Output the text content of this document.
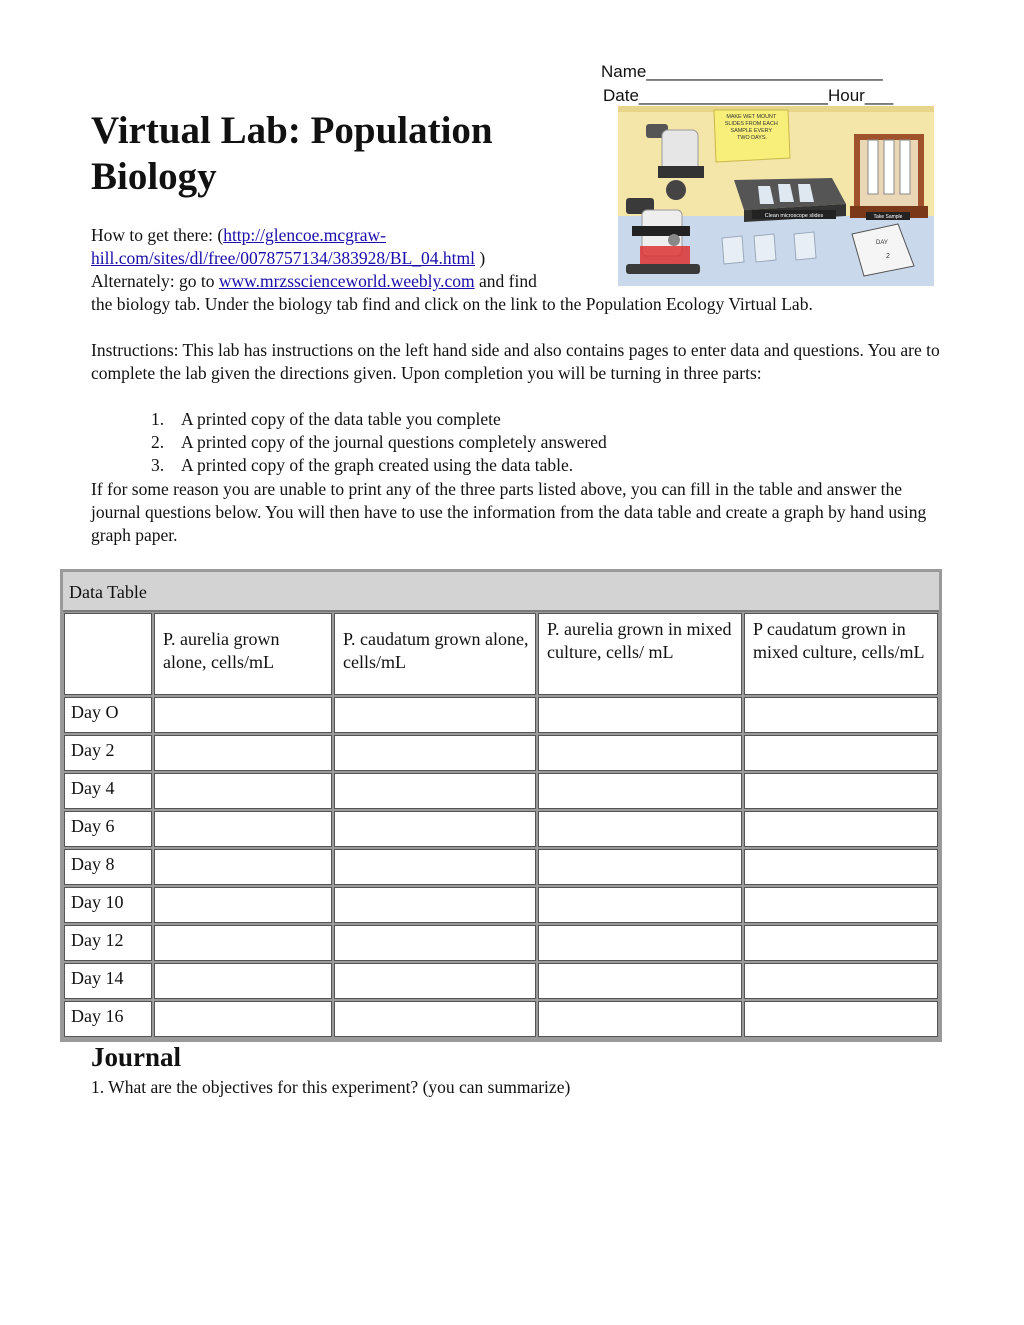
Name_________________________
Date____________________Hour___
Virtual Lab: Population Biology
MAKE WET MOUNT SLIDES FROM EACH SAMPLE EVERY TWO DAYS.
Clean microscope slides	Take Sample
DAY
2
How to get there: (http://glencoe.mcgraw-hill.com/sites/dl/free/0078757134/383928/BL_04.html )
Alternately: go to www.mrzsscienceworld.weebly.com and find
the biology tab. Under the biology tab find and click on the link to the Population Ecology Virtual Lab.
Instructions: This lab has instructions on the left hand side and also contains pages to enter data and questions. You are to complete the lab given the directions given. Upon completion you will be turning in three parts:
1. A printed copy of the data table you complete
2. A printed copy of the journal questions completely answered
3. A printed copy of the graph created using the data table.
If for some reason you are unable to print any of the three parts listed above, you can fill in the table and answer the journal questions below. You will then have to use the information from the data table and create a graph by hand using graph paper.
Data Table
P. aurelia grown alone, cells/mL
P. caudatum grown alone, cells/mL
P. aurelia grown in mixed culture, cells/ mL
P caudatum grown in mixed culture, cells/mL
Day O
Day 2
Day 4
Day 6
Day 8
Day 10
Day 12
Day 14
Day 16
Journal
1. What are the objectives for this experiment? (you can summarize)
